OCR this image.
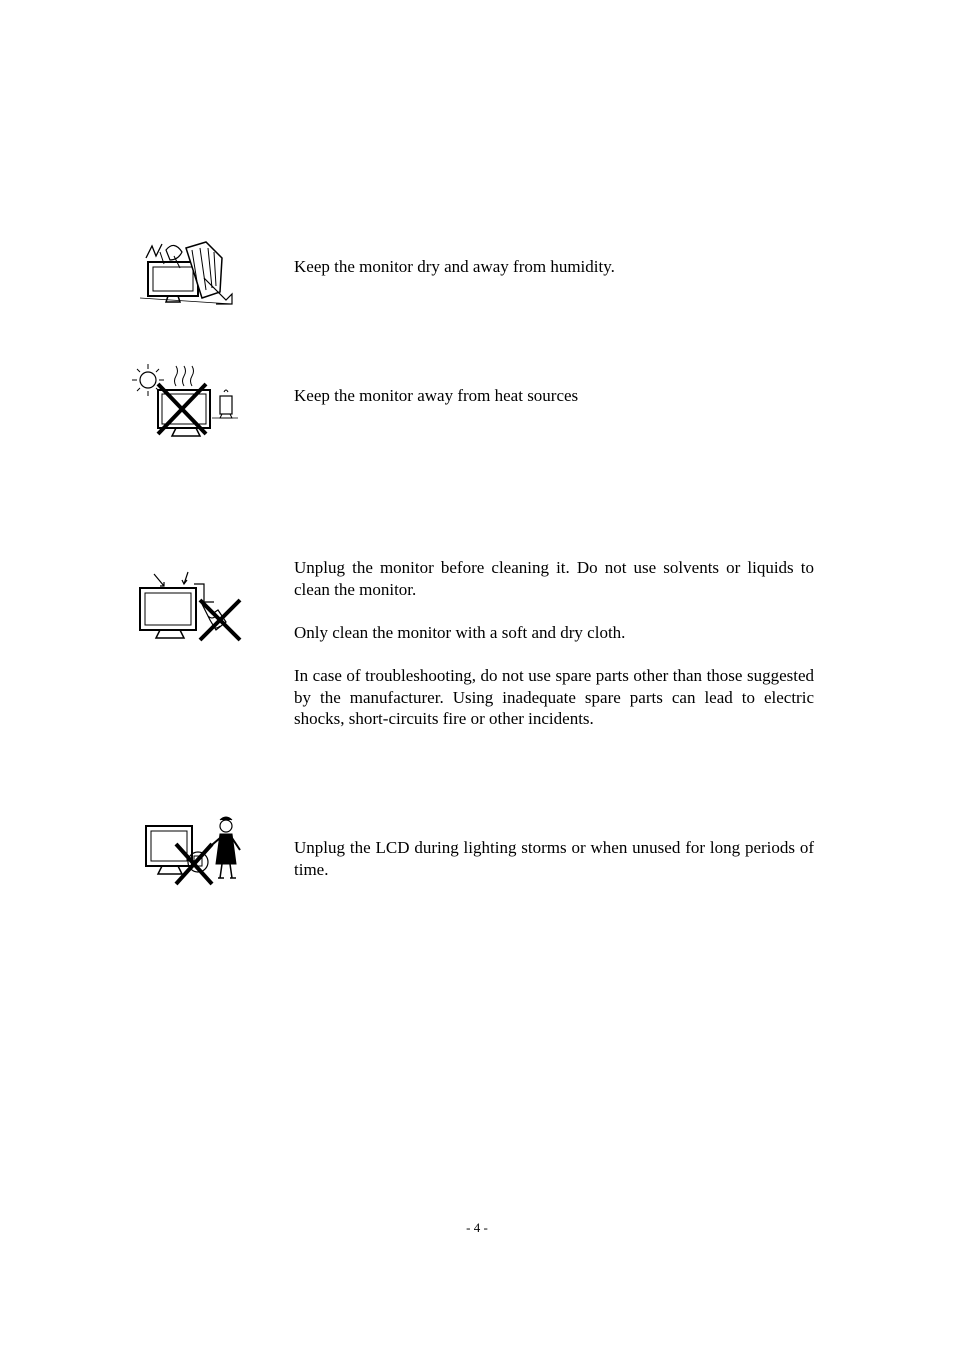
Keep the monitor dry and away from humidity.

Keep the monitor away from heat sources

Unplug the monitor before cleaning it. Do not use solvents or liquids to clean the monitor.

Only clean the monitor with a soft and dry cloth.

In case of troubleshooting, do not use spare parts other than those suggested by the manufacturer. Using inadequate spare parts can lead to electric shocks, short-circuits fire or other incidents.

Unplug the LCD during lighting storms or when unused for long periods of time.

- 4 -
